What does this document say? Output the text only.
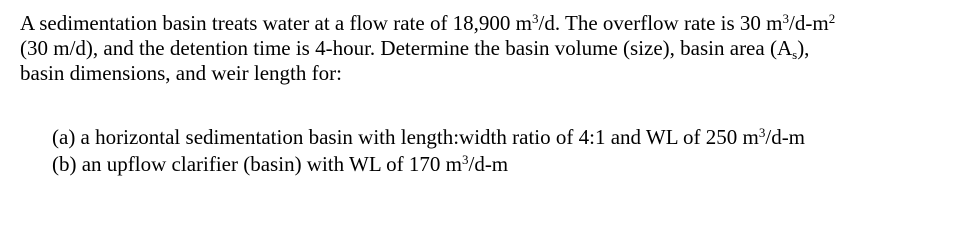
A sedimentation basin treats water at a flow rate of 18,900 $m^3/d$. The overflow rate is 30 $m^3/d-m^2$
(30 m/d), and the detention time is 4-hour. Determine the basin volume (size), basin area $(A_s)$,
basin dimensions, and weir length for:
(a) a horizontal sedimentation basin with length:width ratio of 4:1 and WL of 250 $m^3/d-m$
(b) an upflow clarifier (basin) with WL of 170 $m^3/d-m$
